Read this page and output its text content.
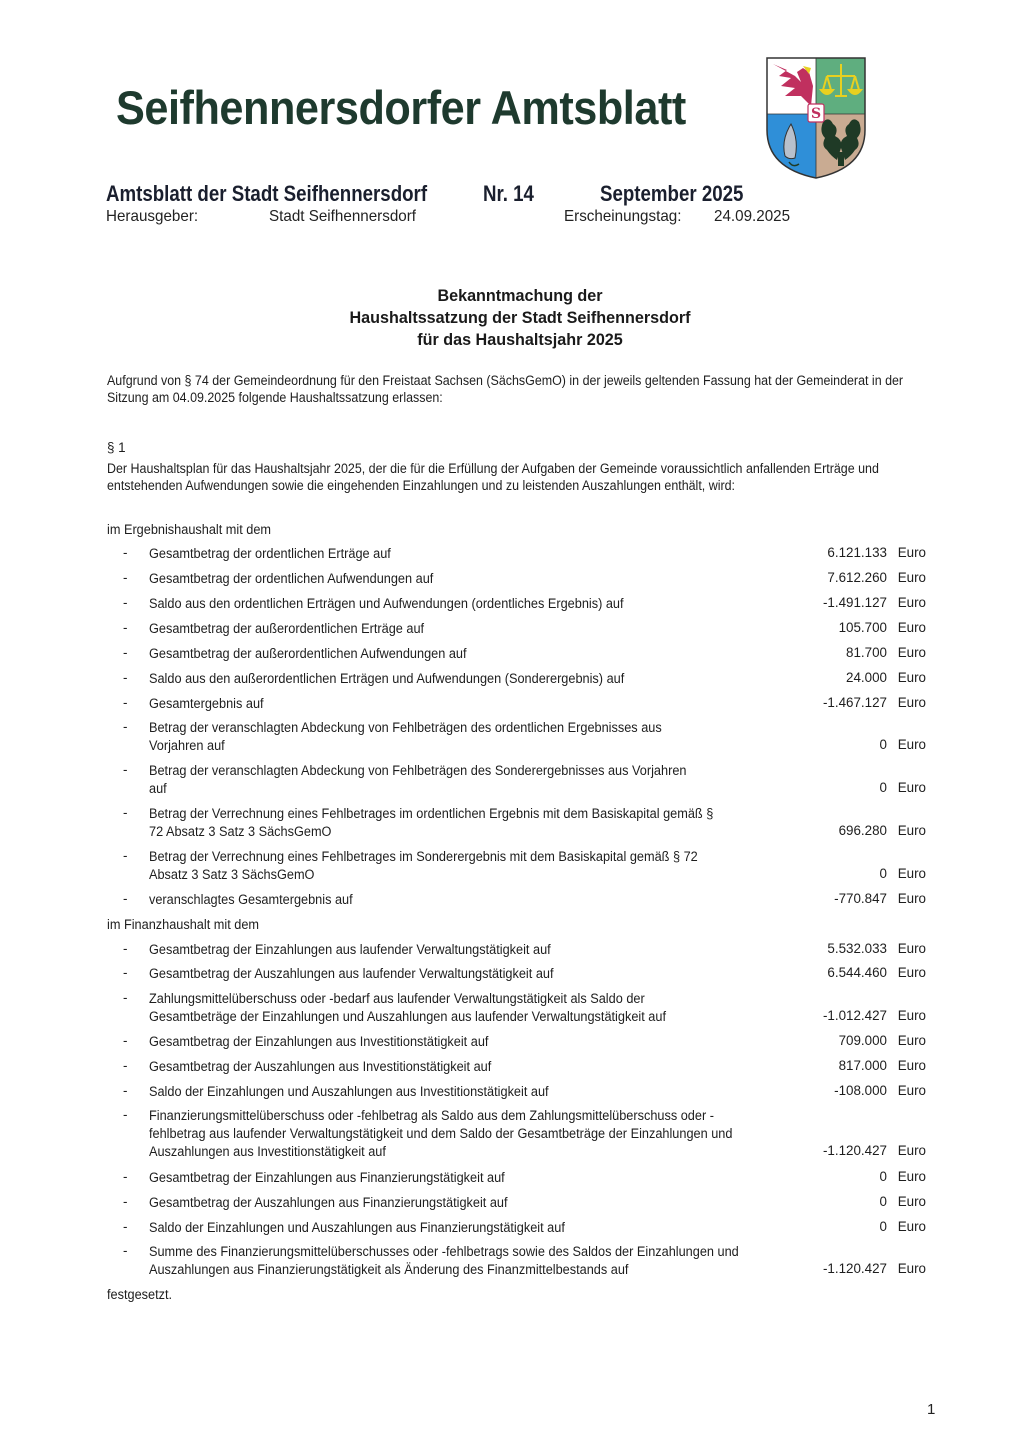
Seifhennersdorfer Amtsblatt	S
Amtsblatt der Stadt Seifhennersdorf	Nr. 14	September 2025
Herausgeber:	Stadt Seifhennersdorf	Erscheinungstag: 24.09.2025
Bekanntmachung der
Haushaltssatzung der Stadt Seifhennersdorf
für das Haushaltsjahr 2025
Aufgrund von § 74 der Gemeindeordnung für den Freistaat Sachsen (SächsGemO) in der jeweils geltenden Fassung hat der Gemeinderat in der Sitzung am 04.09.2025 folgende Haushaltssatzung erlassen:
§ 1
Der Haushaltsplan für das Haushaltsjahr 2025, der die für die Erfüllung der Aufgaben der Gemeinde voraussichtlich anfallenden Erträge und entstehenden Aufwendungen sowie die eingehenden Einzahlungen und zu leistenden Auszahlungen enthält, wird:
im Ergebnishaushalt mit dem
- Gesamtbetrag der ordentlichen Erträge auf	6.121.133 Euro
- Gesamtbetrag der ordentlichen Aufwendungen auf	7.612.260 Euro
- Saldo aus den ordentlichen Erträgen und Aufwendungen (ordentliches Ergebnis) auf	-1.491.127 Euro
- Gesamtbetrag der außerordentlichen Erträge auf	105.700 Euro
- Gesamtbetrag der außerordentlichen Aufwendungen auf	81.700 Euro
- Saldo aus den außerordentlichen Erträgen und Aufwendungen (Sonderergebnis) auf	24.000 Euro
- Gesamtergebnis auf	-1.467.127 Euro
- Betrag der veranschlagten Abdeckung von Fehlbeträgen des ordentlichen Ergebnisses aus Vorjahren auf	0 Euro
- Betrag der veranschlagten Abdeckung von Fehlbeträgen des Sonderergebnisses aus Vorjahren auf	0 Euro
- Betrag der Verrechnung eines Fehlbetrages im ordentlichen Ergebnis mit dem Basiskapital gemäß § 72 Absatz 3 Satz 3 SächsGemO	696.280 Euro
- Betrag der Verrechnung eines Fehlbetrages im Sonderergebnis mit dem Basiskapital gemäß § 72 Absatz 3 Satz 3 SächsGemO	0 Euro
- veranschlagtes Gesamtergebnis auf	-770.847 Euro
im Finanzhaushalt mit dem
- Gesamtbetrag der Einzahlungen aus laufender Verwaltungstätigkeit auf	5.532.033 Euro
- Gesamtbetrag der Auszahlungen aus laufender Verwaltungstätigkeit auf	6.544.460 Euro
- Zahlungsmittelüberschuss oder -bedarf aus laufender Verwaltungstätigkeit als Saldo der Gesamtbeträge der Einzahlungen und Auszahlungen aus laufender Verwaltungstätigkeit auf	-1.012.427 Euro
- Gesamtbetrag der Einzahlungen aus Investitionstätigkeit auf	709.000 Euro
- Gesamtbetrag der Auszahlungen aus Investitionstätigkeit auf	817.000 Euro
- Saldo der Einzahlungen und Auszahlungen aus Investitionstätigkeit auf	-108.000 Euro
- Finanzierungsmittelüberschuss oder -fehlbetrag als Saldo aus dem Zahlungsmittelüberschuss oder -fehlbetrag aus laufender Verwaltungstätigkeit und dem Saldo der Gesamtbeträge der Einzahlungen und Auszahlungen aus Investitionstätigkeit auf	-1.120.427 Euro
- Gesamtbetrag der Einzahlungen aus Finanzierungstätigkeit auf	0 Euro
- Gesamtbetrag der Auszahlungen aus Finanzierungstätigkeit auf	0 Euro
- Saldo der Einzahlungen und Auszahlungen aus Finanzierungstätigkeit auf	0 Euro
- Summe des Finanzierungsmittelüberschusses oder -fehlbetrags sowie des Saldos der Einzahlungen und Auszahlungen aus Finanzierungstätigkeit als Änderung des Finanzmittelbestands auf	-1.120.427 Euro
festgesetzt.
1
